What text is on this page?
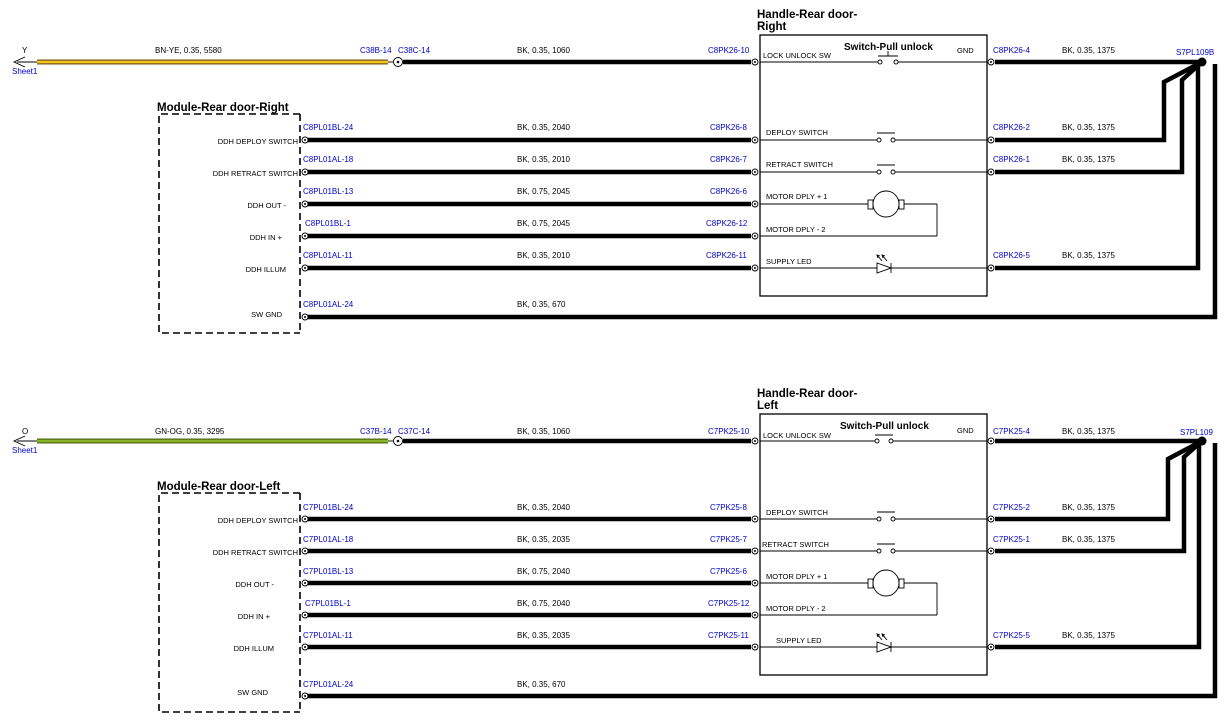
Y
Sheet1
BN-YE, 0.35, 5580	C38B-14 C38C-14	BK, 0.35, 1060	C8PK26-10
Handle-Rear door-
Right
Switch-Pull unlock
LOCK UNLOCK SW
GND
DEPLOY SWITCH
RETRACT SWITCH
MOTOR DPLY + 1
MOTOR DPLY - 2
SUPPLY LED
Module-Rear door-Right
DDH DEPLOY SWITCH
C8PL01BL-24	BK, 0.35, 2040	C8PK26-8
DDH RETRACT SWITCH
C8PL01AL-18	BK, 0.35, 2010	C8PK26-7
DDH OUT -
C8PL01BL-13	BK, 0.75, 2045	C8PK26-6
DDH IN +
C8PL01BL-1	BK, 0.75, 2045	C8PK26-12
DDH ILLUM
C8PL01AL-11	BK, 0.35, 2010	C8PK26-11
SW GND
C8PL01AL-24	BK, 0.35, 670
S7PL109B
C8PK26-4	BK, 0.35, 1375
C8PK26-2	BK, 0.35, 1375
C8PK26-1	BK, 0.35, 1375
C8PK26-5	BK, 0.35, 1375
O
Sheet1
GN-OG, 0.35, 3295	C37B-14 C37C-14	BK, 0.35, 1060	C7PK25-10
Handle-Rear door-
Left
Switch-Pull unlock
LOCK UNLOCK SW
GND
DEPLOY SWITCH
RETRACT SWITCH
MOTOR DPLY + 1
MOTOR DPLY - 2
SUPPLY LED
Module-Rear door-Left
DDH DEPLOY SWITCH
C7PL01BL-24	BK, 0.35, 2040	C7PK25-8
DDH RETRACT SWITCH
C7PL01AL-18	BK, 0.35, 2035	C7PK25-7
DDH OUT -
C7PL01BL-13	BK, 0.75, 2040	C7PK25-6
DDH IN +
C7PL01BL-1	BK, 0.75, 2040	C7PK25-12
DDH ILLUM
C7PL01AL-11	BK, 0.35, 2035	C7PK25-11
SW GND
C7PL01AL-24	BK, 0.35, 670
S7PL109
C7PK25-4	BK, 0.35, 1375
C7PK25-2	BK, 0.35, 1375
C7PK25-1	BK, 0.35, 1375
C7PK25-5	BK, 0.35, 1375
